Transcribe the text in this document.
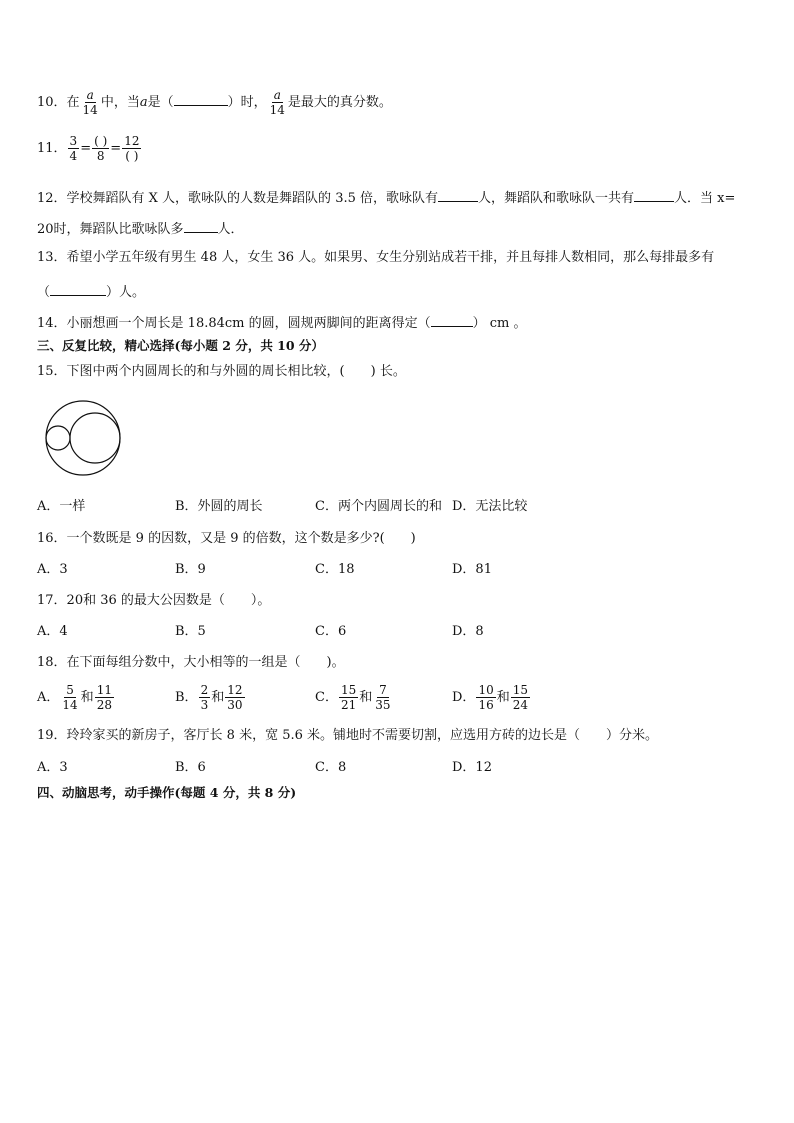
10．在 $\frac{a}{14}$ 中，当a是（	）时， $\frac{a}{14}$ 是最大的真分数。
11． $\frac{3}{4} = \frac{( )}{8} = \frac{12}{( )}$
12．学校舞蹈队有 X 人，歌咏队的人数是舞蹈队的 3.5 倍，歌咏队有	人，舞蹈队和歌咏队一共有	人．当 x=
20时，舞蹈队比歌咏队多	人．
13．希望小学五年级有男生 48 人，女生 36 人。如果男、女生分别站成若干排，并且每排人数相同，那么每排最多有
（	）人。
14．小丽想画一个周长是 18.84cm 的圆，圆规两脚间的距离得定（	） cm 。
三、反复比较，精心选择(每小题 2 分，共 10 分）
15．下图中两个内圆周长的和与外圆的周长相比较，(　　) 长。
A．一样	B．外圆的周长	C．两个内圆周长的和 D．无法比较
16．一个数既是 9 的因数，又是 9 的倍数，这个数是多少?(　　)
A．3	B．9	C．18	D．81
17．20和 36 的最大公因数是（　　）。
A．4	B．5	C．6	D．8
18．在下面每组分数中，大小相等的一组是（　　)。
A． $\frac{5}{14}$ 和 $\frac{11}{28}$	B． $\frac{2}{3}$ 和 $\frac{12}{30}$	C． $\frac{15}{21}$ 和 $\frac{7}{35}$	D． $\frac{10}{16}$ 和 $\frac{15}{24}$
19．玲玲家买的新房子，客厅长 8 米，宽 5.6 米。铺地时不需要切割，应选用方砖的边长是（　　）分米。
A．3	B．6	C．8	D．12
四、动脑思考，动手操作(每题 4 分，共 8 分)
